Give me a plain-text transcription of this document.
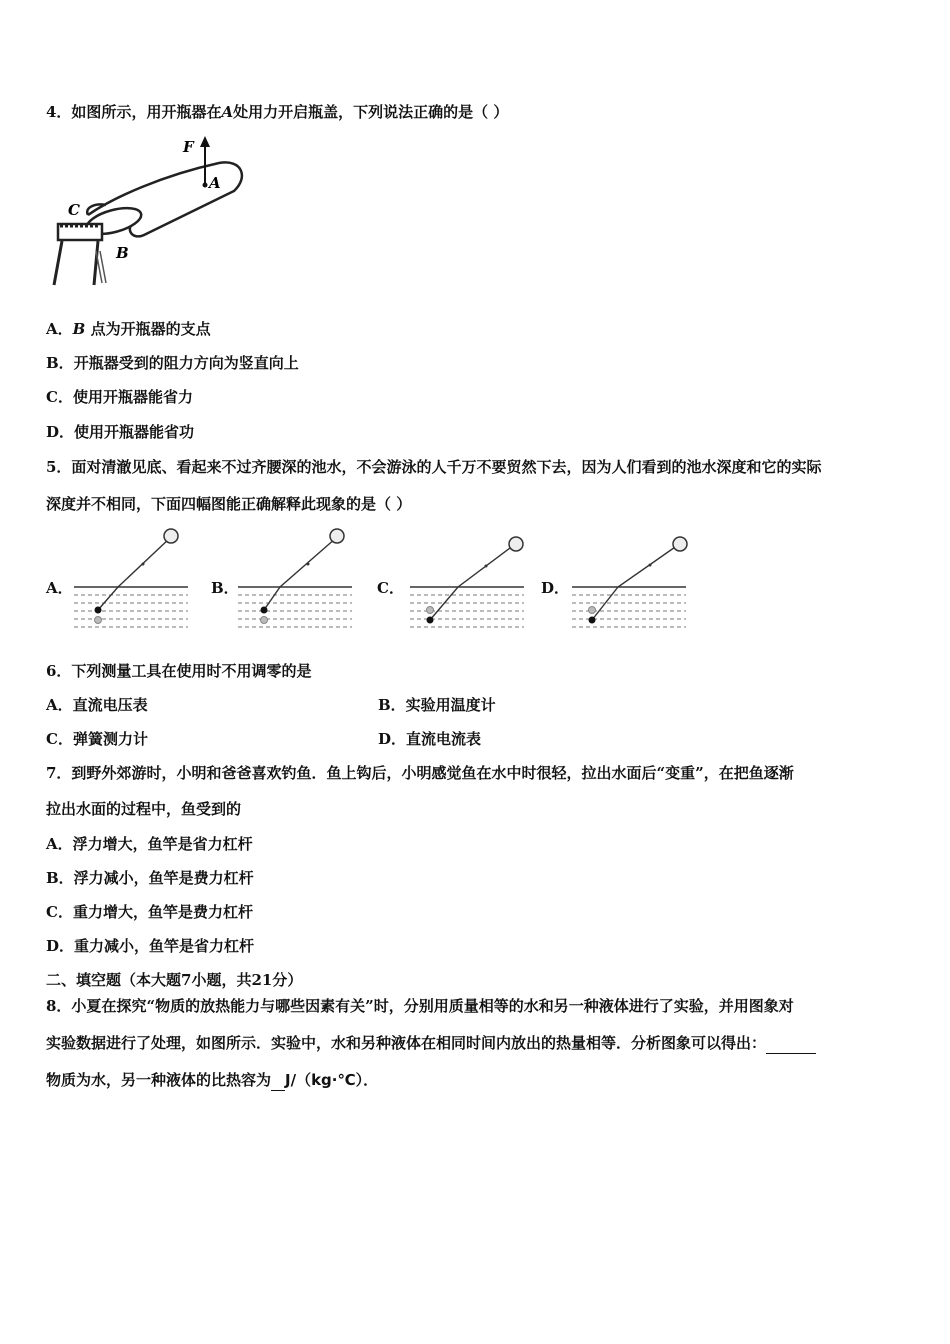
4．如图所示，用开瓶器在A处用力开启瓶盖，下列说法正确的是（ ）
F
A
C
B
A．B 点为开瓶器的支点
B．开瓶器受到的阻力方向为竖直向上
C．使用开瓶器能省力
D．使用开瓶器能省功
5．面对清澈见底、看起来不过齐腰深的池水，不会游泳的人千万不要贸然下去，因为人们看到的池水深度和它的实际
深度并不相同，下面四幅图能正确解释此现象的是（ ）
A．	B．	C．	D．
6．下列测量工具在使用时不用调零的是
A．直流电压表	B．实验用温度计
C．弹簧测力计	D．直流电流表
7．到野外郊游时，小明和爸爸喜欢钓鱼．鱼上钩后，小明感觉鱼在水中时很轻，拉出水面后“变重”，在把鱼逐渐
拉出水面的过程中，鱼受到的
A．浮力增大，鱼竿是省力杠杆
B．浮力减小，鱼竿是费力杠杆
C．重力增大，鱼竿是费力杠杆
D．重力减小，鱼竿是省力杠杆
二、填空题（本大题7小题，共21分）
8．小夏在探究“物质的放热能力与哪些因素有关”时，分别用质量相等的水和另一种液体进行了实验，并用图象对
实验数据进行了处理，如图所示．实验中，水和另种液体在相同时间内放出的热量相等．分析图象可以得出：
物质为水，另一种液体的比热容为 J/（kg·℃）．
